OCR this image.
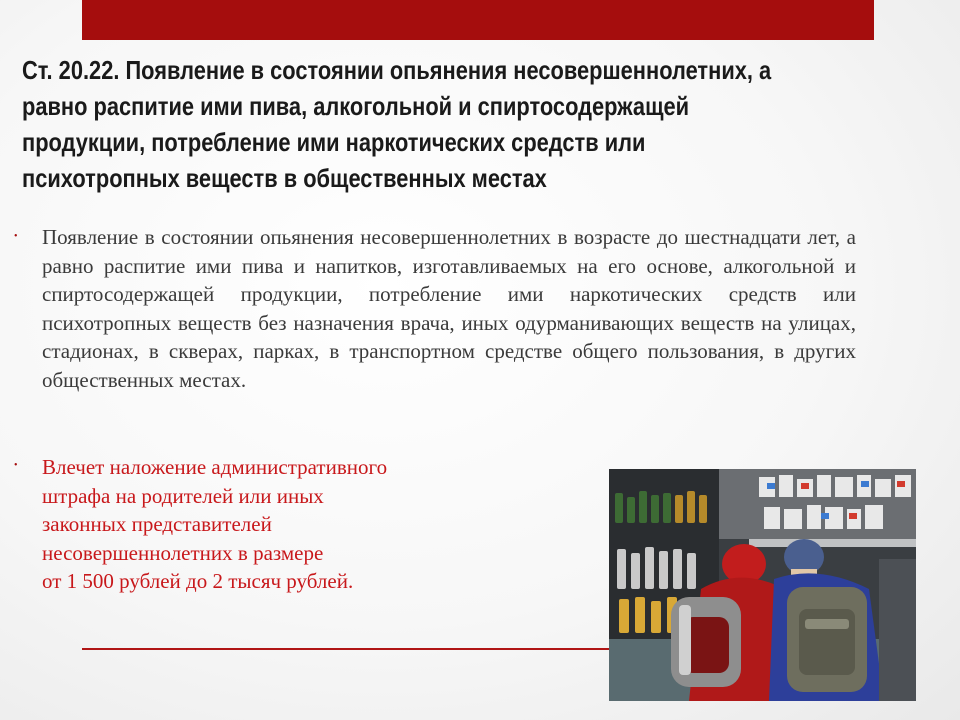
Ст. 20.22. Появление в состоянии опьянения несовершеннолетних, а
равно распитие ими пива, алкогольной и спиртосодержащей
продукции, потребление ими наркотических средств или
психотропных веществ в общественных местах
• Появление в состоянии опьянения несовершеннолетних в возрасте до шестнадцати лет, а равно распитие ими пива и напитков, изготавливаемых на его основе, алкогольной и спиртосодержащей продукции, потребление ими наркотических средств или психотропных веществ без назначения врача, иных одурманивающих веществ на улицах, стадионах, в скверах, парках, в транспортном средстве общего пользования, в других общественных местах.

• Влечет наложение административного
штрафа на родителей или иных
законных представителей
несовершеннолетних в размере
от 1 500 рублей до 2 тысяч рублей.
